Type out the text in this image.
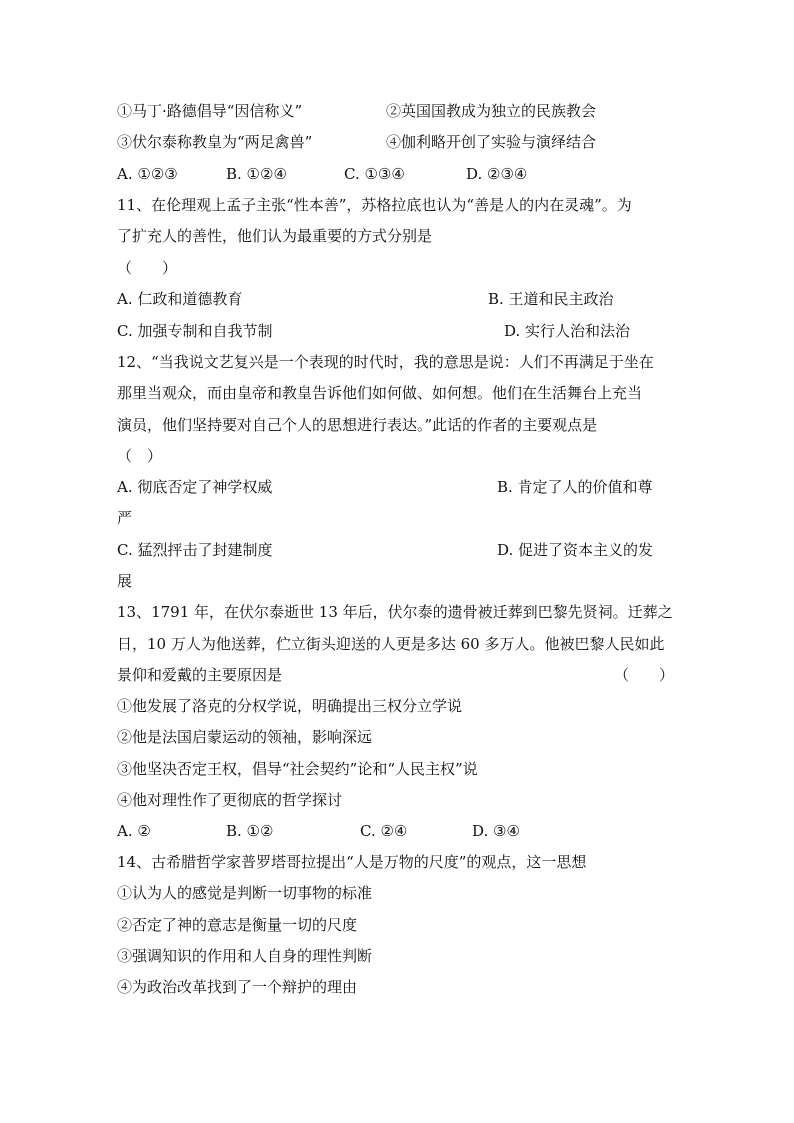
①马丁·路德倡导“因信称义”	②英国国教成为独立的民族教会
③伏尔泰称教皇为“两足禽兽”	④伽利略开创了实验与演绎结合
A. ①②③	B. ①②④	C. ①③④	D. ②③④
11、在伦理观上孟子主张“性本善”，苏格拉底也认为“善是人的内在灵魂”。为
了扩充人的善性，他们认为最重要的方式分别是
（　　）
A. 仁政和道德教育	B. 王道和民主政治
C. 加强专制和自我节制	D. 实行人治和法治
12、“当我说文艺复兴是一个表现的时代时，我的意思是说：人们不再满足于坐在
那里当观众，而由皇帝和教皇告诉他们如何做、如何想。他们在生活舞台上充当
演员，他们坚持要对自己个人的思想进行表达。”此话的作者的主要观点是
（　）
A. 彻底否定了神学权威	B. 肯定了人的价值和尊
严
C. 猛烈抨击了封建制度	D. 促进了资本主义的发
展
13、1791 年，在伏尔泰逝世 13 年后，伏尔泰的遗骨被迁葬到巴黎先贤祠。迁葬之
日，10 万人为他送葬，伫立街头迎送的人更是多达 60 多万人。他被巴黎人民如此
景仰和爱戴的主要原因是	（　　）
①他发展了洛克的分权学说，明确提出三权分立学说
②他是法国启蒙运动的领袖，影响深远
③他坚决否定王权，倡导“社会契约”论和“人民主权”说
④他对理性作了更彻底的哲学探讨
A. ②	B. ①②	C. ②④	D. ③④
14、古希腊哲学家普罗塔哥拉提出“人是万物的尺度”的观点，这一思想
①认为人的感觉是判断一切事物的标准
②否定了神的意志是衡量一切的尺度
③强调知识的作用和人自身的理性判断
④为政治改革找到了一个辩护的理由
